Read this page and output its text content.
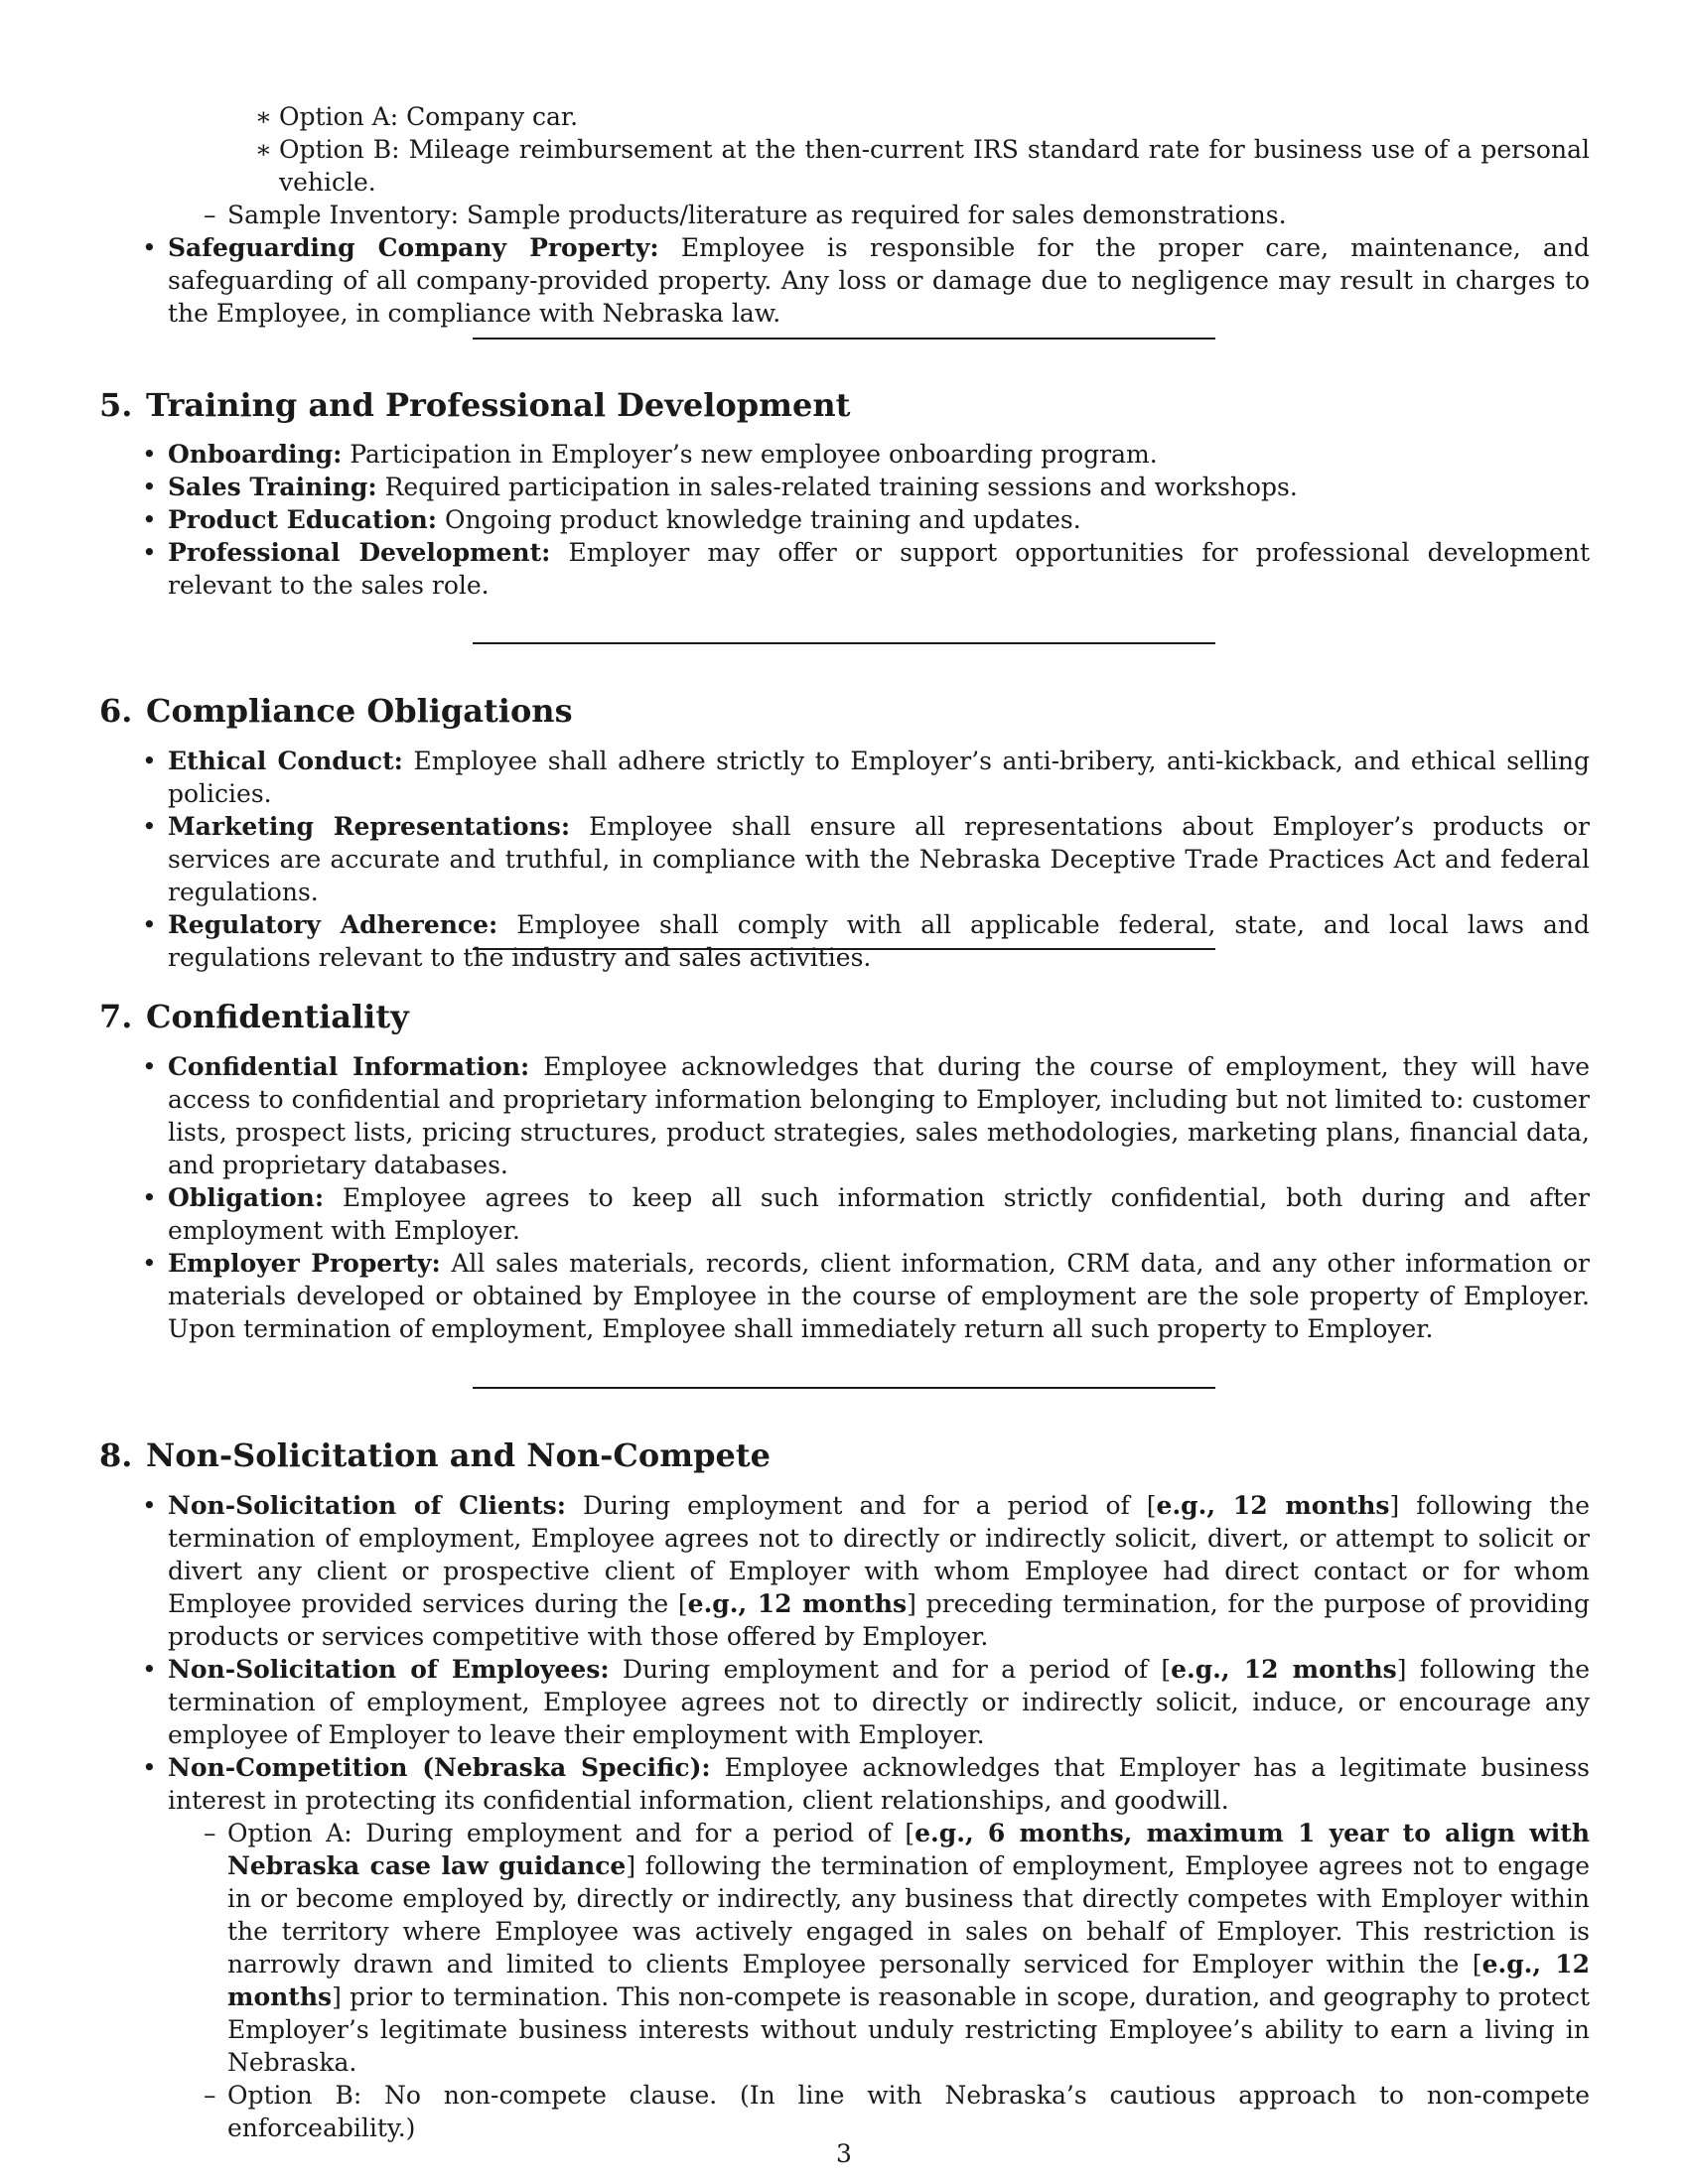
∗ Option A: Company car.
∗ Option B: Mileage reimbursement at the then-current IRS standard rate for business use of a personal vehicle.
– Sample Inventory: Sample products/literature as required for sales demonstrations.
• Safeguarding Company Property: Employee is responsible for the proper care, maintenance, and safeguarding of all company-provided property. Any loss or damage due to negligence may result in charges to the Employee, in compliance with Nebraska law.
5. Training and Professional Development
• Onboarding: Participation in Employer’s new employee onboarding program.
• Sales Training: Required participation in sales-related training sessions and workshops.
• Product Education: Ongoing product knowledge training and updates.
• Professional Development: Employer may offer or support opportunities for professional development relevant to the sales role.
6. Compliance Obligations
• Ethical Conduct: Employee shall adhere strictly to Employer’s anti-bribery, anti-kickback, and ethical selling policies.
• Marketing Representations: Employee shall ensure all representations about Employer’s products or services are accurate and truthful, in compliance with the Nebraska Deceptive Trade Practices Act and federal regulations.
• Regulatory Adherence: Employee shall comply with all applicable federal, state, and local laws and regulations relevant to the industry and sales activities.
7. Confidentiality
• Confidential Information: Employee acknowledges that during the course of employment, they will have access to confidential and proprietary information belonging to Employer, including but not limited to: customer lists, prospect lists, pricing structures, product strategies, sales methodologies, marketing plans, financial data, and proprietary databases.
• Obligation: Employee agrees to keep all such information strictly confidential, both during and after employment with Employer.
• Employer Property: All sales materials, records, client information, CRM data, and any other information or materials developed or obtained by Employee in the course of employment are the sole property of Employer. Upon termination of employment, Employee shall immediately return all such property to Employer.
8. Non-Solicitation and Non-Compete
• Non-Solicitation of Clients: During employment and for a period of [e.g., 12 months] following the termination of employment, Employee agrees not to directly or indirectly solicit, divert, or attempt to solicit or divert any client or prospective client of Employer with whom Employee had direct contact or for whom Employee provided services during the [e.g., 12 months] preceding termination, for the purpose of providing products or services competitive with those offered by Employer.
• Non-Solicitation of Employees: During employment and for a period of [e.g., 12 months] following the termination of employment, Employee agrees not to directly or indirectly solicit, induce, or encourage any employee of Employer to leave their employment with Employer.
• Non-Competition (Nebraska Specific): Employee acknowledges that Employer has a legitimate business interest in protecting its confidential information, client relationships, and goodwill.
– Option A: During employment and for a period of [e.g., 6 months, maximum 1 year to align with Nebraska case law guidance] following the termination of employment, Employee agrees not to engage in or become employed by, directly or indirectly, any business that directly competes with Employer within the territory where Employee was actively engaged in sales on behalf of Employer. This restriction is narrowly drawn and limited to clients Employee personally serviced for Employer within the [e.g., 12 months] prior to termination. This non-compete is reasonable in scope, duration, and geography to protect Employer’s legitimate business interests without unduly restricting Employee’s ability to earn a living in Nebraska.
– Option B: No non-compete clause. (In line with Nebraska’s cautious approach to non-compete enforceability.)
3
